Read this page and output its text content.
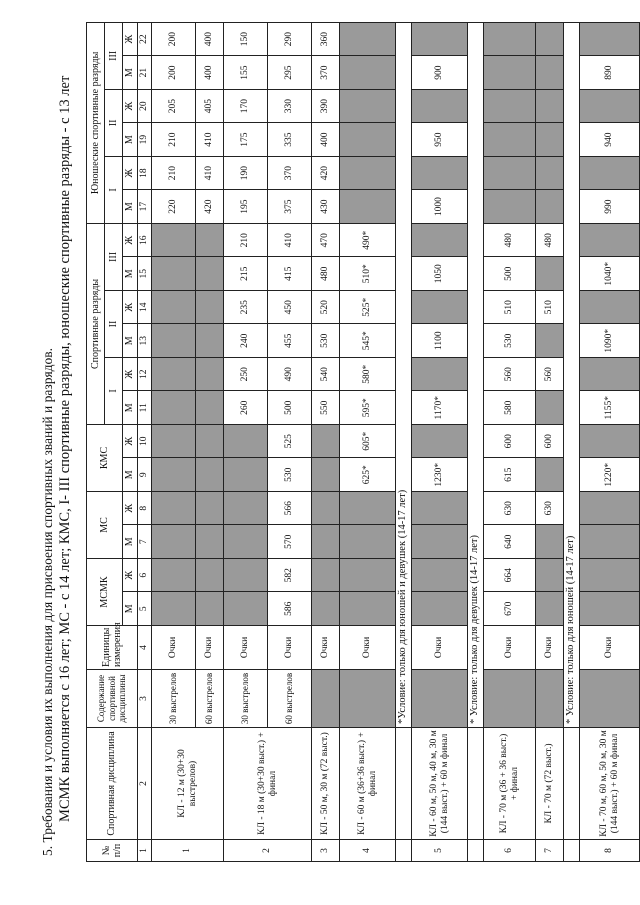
5. Требования и условия их выполнения для присвоения спортивных званий и разрядов. МСМК выполняется с 16 лет; МС - с 14 лет; КМС, I- III спортивные разряды, юношеские спортивные разряды - с 13 лет
№ п/п	Спортивная дисциплина	Содержание спортивной дисциплины	Единицы измерения	МСМК		МС		КМС		Спортивные разряды						Юношеские спортивные разряды					
										I		II		III		I		II		III	
				М	Ж	М	Ж	М	Ж	М	Ж	М	Ж	М	Ж	М	Ж	М	Ж	М	Ж
1	2	3	4	5	6	7	8	9	10	11	12	13	14	15	16	17	18	19	20	21	22
1	КЛ - 12 м (30+30 выстрелов)	30 выстрелов	Очки													220	210	210	205	200	200
		60 выстрелов	Очки													420	410	410	405	400	400
2	КЛ - 18 м (30+30 выст.) + финал	30 выстрелов	Очки							260	250	240	235	215	210	195	190	175	170	155	150
		60 выстрелов	Очки	586	582	570	566	530	525	500	490	455	450	415	410	375	370	335	330	295	290
3	КЛ - 50 м, 30 м (72 выст.)		Очки							550	540	530	520	480	470	430	420	400	390	370	360
4	КЛ - 60 м (36+36 выст.) + финал		Очки					625*	605*	595*	580*	545*	525*	510*	490*						
		*Условие: только для юношей и девушек (14-17 лет)																			
5	КЛ - 60 м, 50 м, 40 м, 30 м (144 выст.) + 60 м финал		Очки					1230*		1170*		1100		1050		1000		950		900	
		* Условие: только для девушек (14-17 лет)																			
6	КЛ - 70 м (36 + 36 выст.) + финал		Очки	670	664	640	630	615	600	580	560	530	510	500	480						
7	КЛ - 70 м (72 выст.)		Очки				630		600		560		510		480						
		* Условие: только для юношей (14-17 лет)																			
8	КЛ - 70 м, 60 м, 50 м, 30 м (144 выст.) + 60 м финал		Очки					1220*		1155*		1090*		1040*		990		940		890	
